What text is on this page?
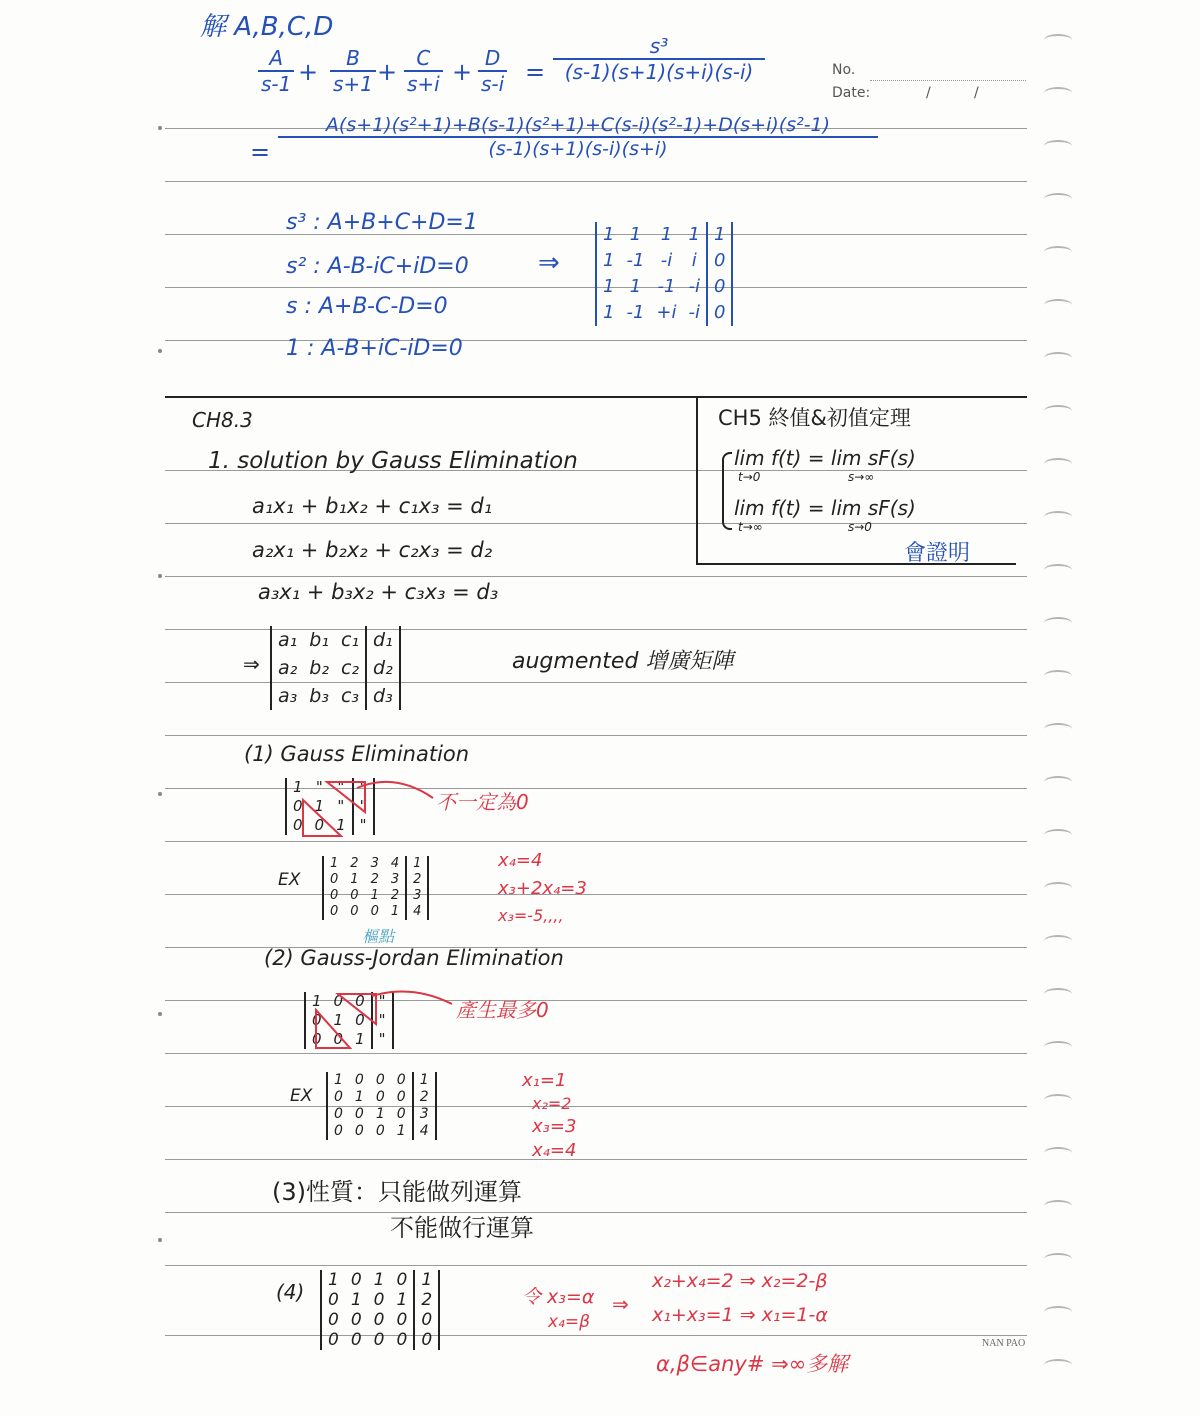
No.
Date:	/	/
解 A,B,C,D
$\frac{A}{s-1} + \frac{B}{s+1} + \frac{C}{s+i} + \frac{D}{s-i} = \frac{\text{s³}}{(s-1)(s+1)(s+i)(s-i)}$
= $\frac{\text{A(s+1)(s²+1)+B(s-1)(s²+1)+C(s-i)(s²-1)+D(s+i)(s²-1)}}{(s-1)(s+1)(s-i)(s+i)}$
s³ : A+B+C+D=1
s² : A-B-iC+iD=0
s : A+B-C-D=0
1 : A-B+iC-iD=0
⇒
1	1	1	1	1
1	-1	-i	i	0
1	1	-1	-i	0
1	-1	+i	-i	0
CH8.3
1. solution by Gauss Elimination
a₁x₁ + b₁x₂ + c₁x₃ = d₁
a₂x₁ + b₂x₂ + c₂x₃ = d₂
a₃x₁ + b₃x₂ + c₃x₃ = d₃
⇒
a₁	b₁	c₁	d₁
a₂	b₂	c₂	d₂
a₃	b₃	c₃	d₃
augmented 增廣矩陣
(1) Gauss Elimination
1	"	"	"
0	1	"	"
0	0	1	"
不一定為0
EX
1	2	3	4	1
0	1	2	3	2
0	0	1	2	3
0	0	0	1	4
x₄=4
x₃+2x₄=3
x₃=-5,,,,
樞點
(2) Gauss-Jordan Elimination
1	0	0	"
0	1	0	"
0	0	1	"
產生最多0
EX
1	0	0	0	1
0	1	0	0	2
0	0	1	0	3
0	0	0	1	4
x₁=1
x₂=2
x₃=3
x₄=4
(3)性質：只能做列運算
不能做行運算
(4) 1	0	1	0	1
0	1	0	1	2
0	0	0	0	0
0	0	0	0	0
令 x₃=α
x₄=β
⇒
x₂+x₄=2 ⇒ x₂=2-β
x₁+x₃=1 ⇒ x₁=1-α
α,β∈any# ⇒∞多解
CH5 終值&初值定理
lim f(t) = lim sF(s)
t→0	s→∞
lim f(t) = lim sF(s)
t→∞	s→0
會證明
NAN PAO
